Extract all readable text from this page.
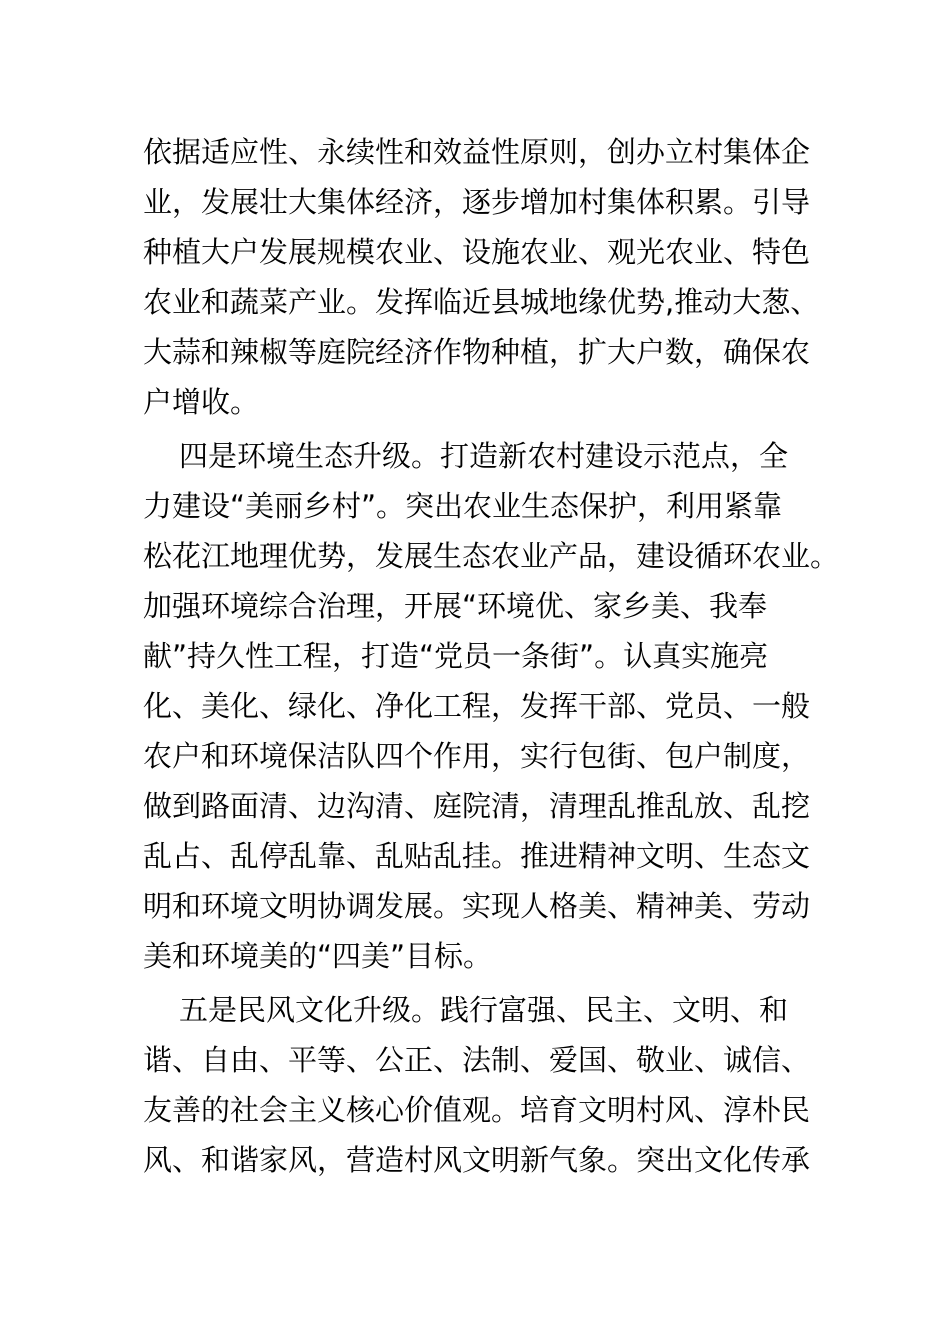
依据适应性、永续性和效益性原则，创办立村集体企
业，发展壮大集体经济，逐步增加村集体积累。引导
种植大户发展规模农业、设施农业、观光农业、特色
农业和蔬菜产业。发挥临近县城地缘优势,推动大葱、
大蒜和辣椒等庭院经济作物种植，扩大户数，确保农
户增收。
四是环境生态升级。打造新农村建设示范点，全
力建设“美丽乡村”。突出农业生态保护，利用紧靠
松花江地理优势，发展生态农业产品，建设循环农业。
加强环境综合治理，开展“环境优、家乡美、我奉
献”持久性工程，打造“党员一条街”。认真实施亮
化、美化、绿化、净化工程，发挥干部、党员、一般
农户和环境保洁队四个作用，实行包街、包户制度，
做到路面清、边沟清、庭院清，清理乱推乱放、乱挖
乱占、乱停乱靠、乱贴乱挂。推进精神文明、生态文
明和环境文明协调发展。实现人格美、精神美、劳动
美和环境美的“四美”目标。
五是民风文化升级。践行富强、民主、文明、和
谐、自由、平等、公正、法制、爱国、敬业、诚信、
友善的社会主义核心价值观。培育文明村风、淳朴民
风、和谐家风，营造村风文明新气象。突出文化传承
